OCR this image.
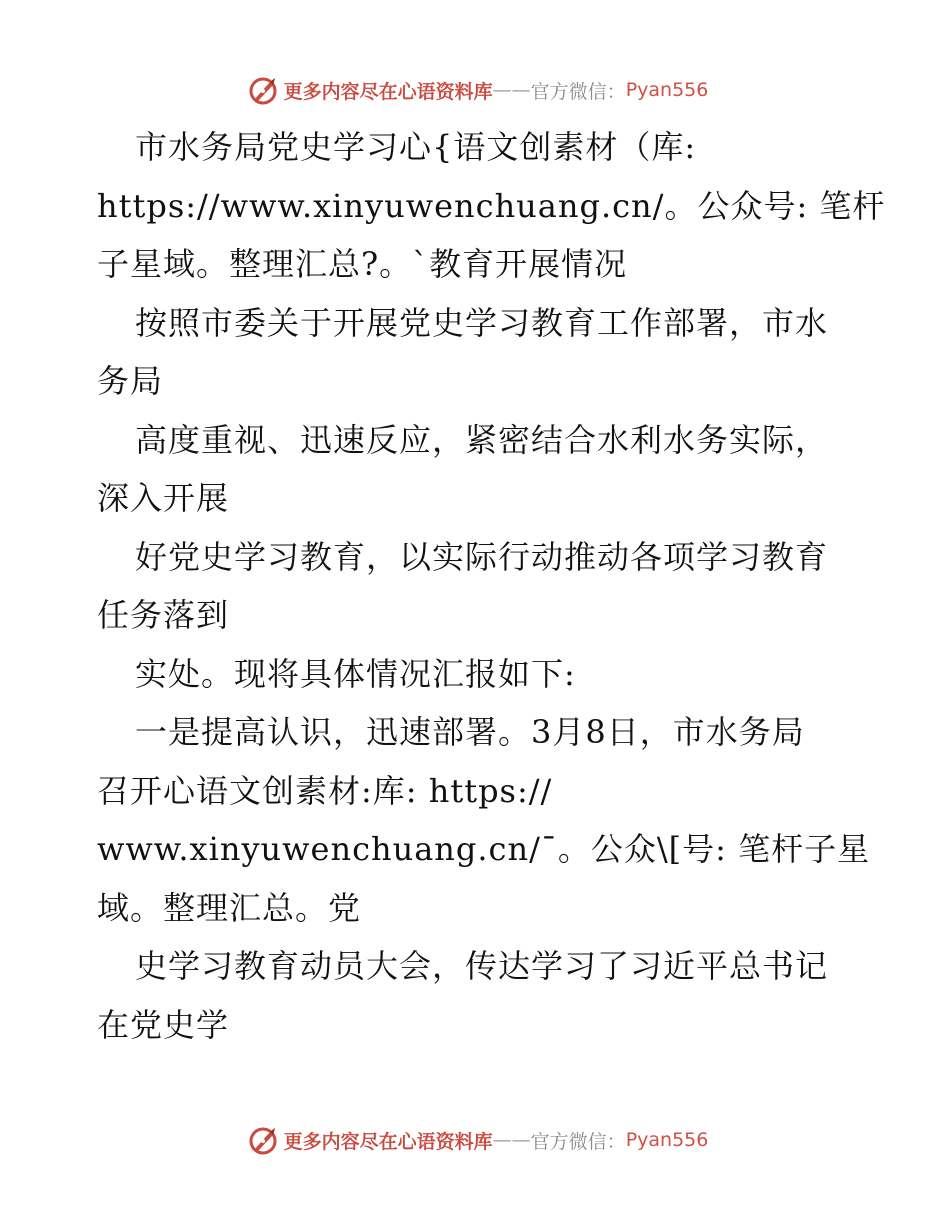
更多内容尽在心语资料库 —— 官方微信： Pyan556
市水务局党史学习心{语文创素材（库:
https://www.xinyuwenchuang.cn/。公众号: 笔杆
子星域。整理汇总?。`教育开展情况
按照市委关于开展党史学习教育工作部署，市水
务局
高度重视、迅速反应，紧密结合水利水务实际，
深入开展
好党史学习教育，以实际行动推动各项学习教育
任务落到
实处。现将具体情况汇报如下:
一是提高认识，迅速部署。3月8日，市水务局
召开心语文创素材:库: https://
www.xinyuwenchuang.cn/¯。公众\[号: 笔杆子星
域。整理汇总。党
史学习教育动员大会，传达学习了习近平总书记
在党史学
更多内容尽在心语资料库 —— 官方微信： Pyan556
